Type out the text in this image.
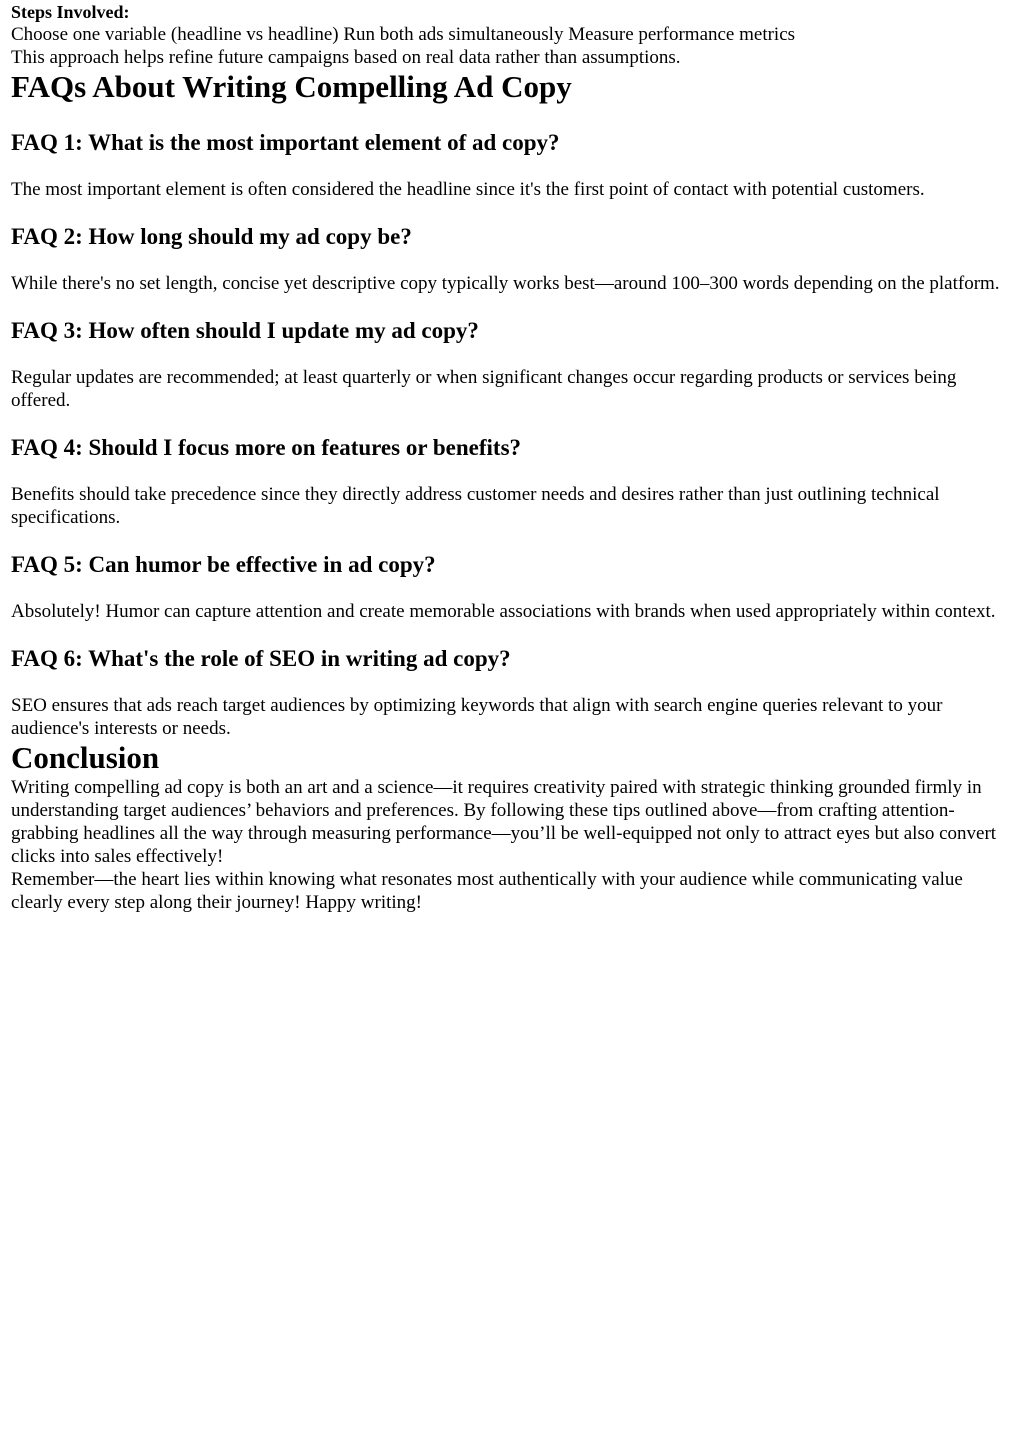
Steps Involved:

Choose one variable (headline vs headline) Run both ads simultaneously Measure performance metrics

This approach helps refine future campaigns based on real data rather than assumptions.

FAQs About Writing Compelling Ad Copy
FAQ 1: What is the most important element of ad copy?

The most important element is often considered the headline since it's the first point of contact with potential customers.

FAQ 2: How long should my ad copy be?

While there's no set length, concise yet descriptive copy typically works best—around 100–300 words depending on the platform.

FAQ 3: How often should I update my ad copy?

Regular updates are recommended; at least quarterly or when significant changes occur regarding products or services being offered.

FAQ 4: Should I focus more on features or benefits?

Benefits should take precedence since they directly address customer needs and desires rather than just outlining technical specifications.

FAQ 5: Can humor be effective in ad copy?

Absolutely! Humor can capture attention and create memorable associations with brands when used appropriately within context.

FAQ 6: What's the role of SEO in writing ad copy?

SEO ensures that ads reach target audiences by optimizing keywords that align with search engine queries relevant to your audience's interests or needs.

Conclusion

Writing compelling ad copy is both an art and a science—it requires creativity paired with strategic thinking grounded firmly in understanding target audiences’ behaviors and preferences. By following these tips outlined above—from crafting attention-grabbing headlines all the way through measuring performance—you’ll be well-equipped not only to attract eyes but also convert clicks into sales effectively!

Remember—the heart lies within knowing what resonates most authentically with your audience while communicating value clearly every step along their journey! Happy writing!
